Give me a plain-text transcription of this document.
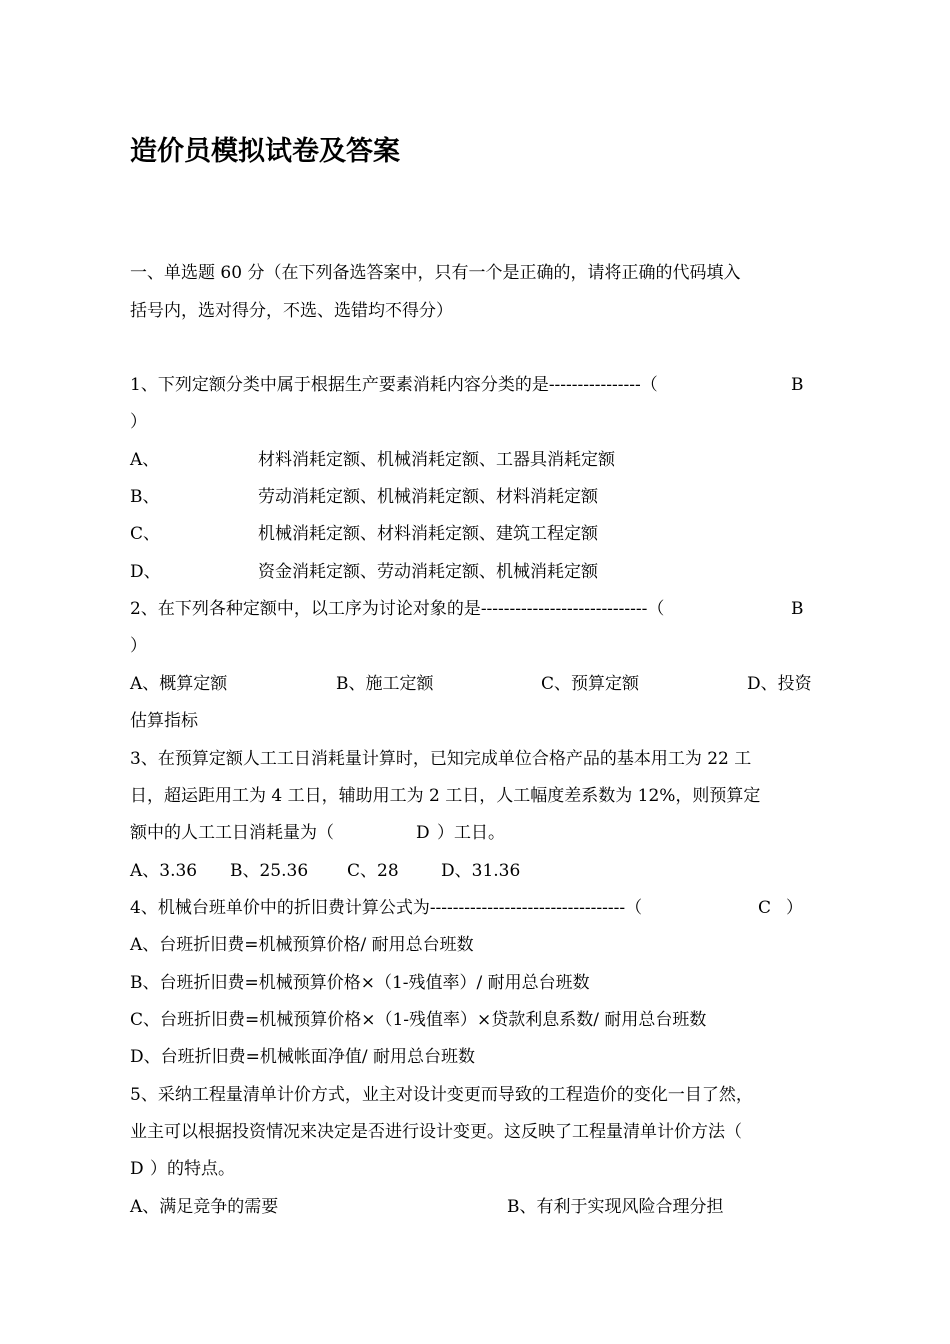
造价员模拟试卷及答案
一、单选题 60 分（在下列备选答案中，只有一个是正确的，请将正确的代码填入
括号内，选对得分，不选、选错均不得分）
1、下列定额分类中属于根据生产要素消耗内容分类的是----------------（	B
）
A、	材料消耗定额、机械消耗定额、工器具消耗定额
B、	劳动消耗定额、机械消耗定额、材料消耗定额
C、	机械消耗定额、材料消耗定额、建筑工程定额
D、	资金消耗定额、劳动消耗定额、机械消耗定额
2、在下列各种定额中，以工序为讨论对象的是-----------------------------（	B
）
A、概算定额	B、施工定额	C、预算定额	D、投资
估算指标
3、在预算定额人工工日消耗量计算时，已知完成单位合格产品的基本用工为 22 工
日，超运距用工为 4 工日，辅助用工为 2 工日，人工幅度差系数为 12%，则预算定
额中的人工工日消耗量为（	D ）工日。
A、3.36 B、25.36 C、28 D、31.36
4、机械台班单价中的折旧费计算公式为----------------------------------（	C ）
A、台班折旧费=机械预算价格/ 耐用总台班数
B、台班折旧费=机械预算价格×（1-残值率）/ 耐用总台班数
C、台班折旧费=机械预算价格×（1-残值率）×贷款利息系数/ 耐用总台班数
D、台班折旧费=机械帐面净值/ 耐用总台班数
5、采纳工程量清单计价方式，业主对设计变更而导致的工程造价的变化一目了然，
业主可以根据投资情况来决定是否进行设计变更。这反映了工程量清单计价方法（
D ）的特点。
A、满足竞争的需要	B、有利于实现风险合理分担
